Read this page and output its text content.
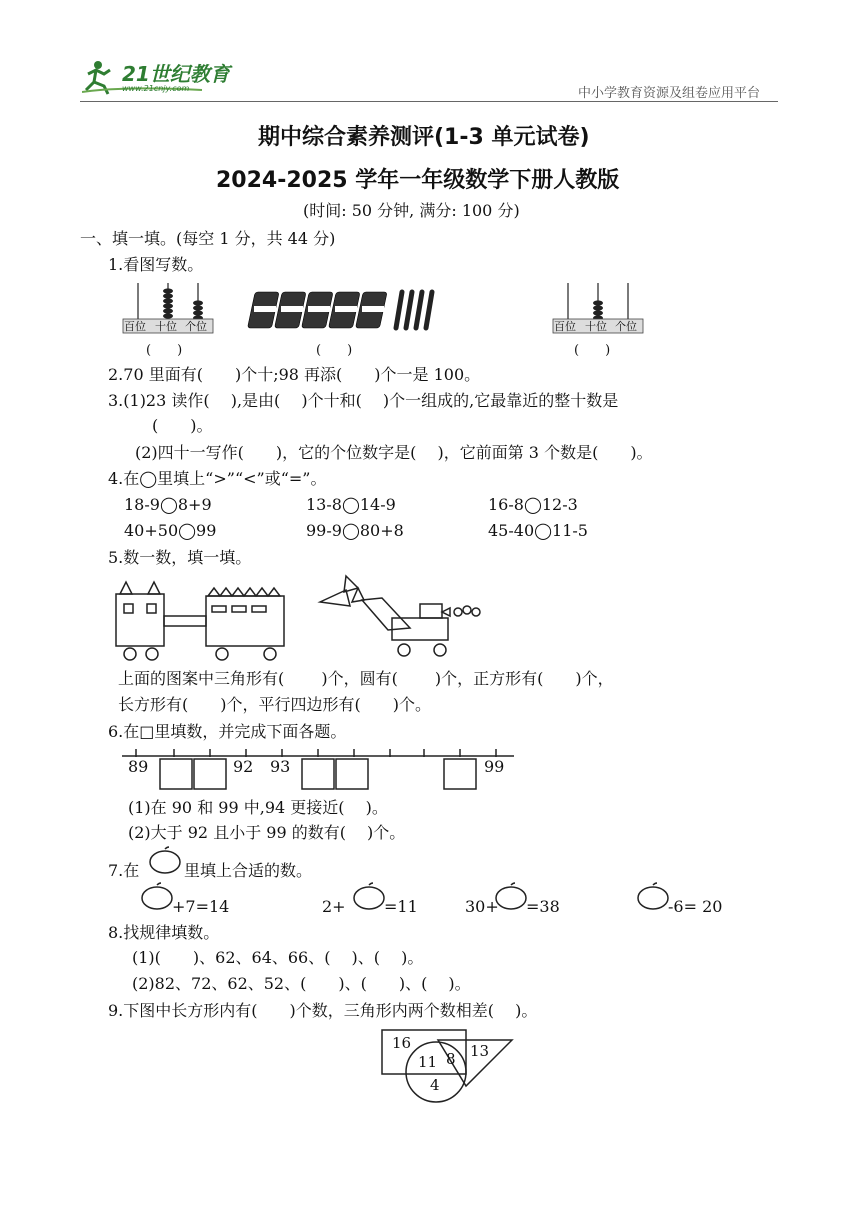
21世纪教育
www.21cnjy.com	中小学教育资源及组卷应用平台
期中综合素养测评(1-3 单元试卷)
2024-2025 学年一年级数学下册人教版
(时间: 50 分钟, 满分: 100 分)
一、填一填。(每空 1 分，共 44 分)
1.看图写数。
百位 十位 个位	百位 十位 个位
(　　)	(　　)	(　　)
2.70 里面有(　　)个十;98 再添(　　)个一是 100。
3.(1)23 读作(　 ),是由(　 )个十和(　 )个一组成的,它最靠近的整十数是
(　　)。
(2)四十一写作(　　)，它的个位数字是(　 )，它前面第 3 个数是(　　)。
4.在◯里填上“>”“<”或“=”。
18-9◯8+9	13-8◯14-9	16-8◯12-3
40+50◯99	99-9◯80+8	45-40◯11-5
5.数一数，填一填。
上面的图案中三角形有(　　 )个，圆有(　　 )个，正方形有(　　)个，
长方形有(　　)个，平行四边形有(　　)个。
6.在□里填数，并完成下面各题。
89	92 93	99
(1)在 90 和 99 中,94 更接近(　 )。
(2)大于 92 且小于 99 的数有(　 )个。
7.在	里填上合适的数。
+7=14	2+ =11	30+ =38	-6= 20
8.找规律填数。
(1)(　　)、62、64、66、(　 )、(　 )。
(2)82、72、62、52、(　　)、(　　)、(　 )。
9.下图中长方形内有(　　)个数，三角形内两个数相差(　 )。
16
11 8 13
4
